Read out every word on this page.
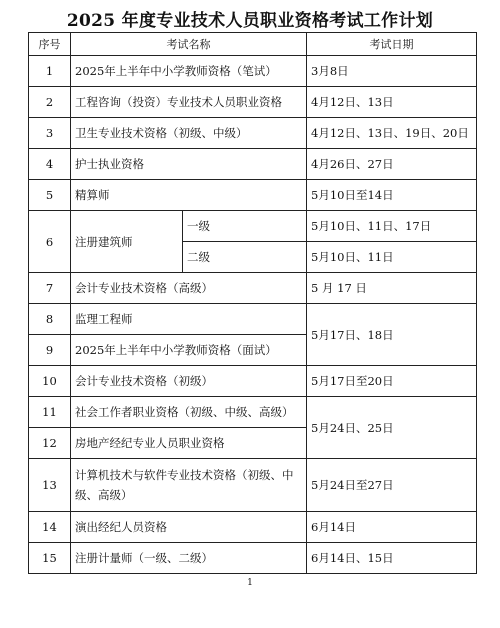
2025 年度专业技术人员职业资格考试工作计划
序号	考试名称		考试日期
1	2025年上半年中小学教师资格（笔试）		3月8日
2	工程咨询（投资）专业技术人员职业资格		4月12日、13日
3	卫生专业技术资格（初级、中级）		4月12日、13日、19日、20日
4	护士执业资格		4月26日、27日
5	精算师		5月10日至14日
6	注册建筑师	一级	5月10日、11日、17日
		二级	5月10日、11日
7	会计专业技术资格（高级）		5 月 17 日
8	监理工程师		5月17日、18日
9	2025年上半年中小学教师资格（面试）		
10	会计专业技术资格（初级）		5月17日至20日
11	社会工作者职业资格（初级、中级、高级）		5月24日、25日
12	房地产经纪专业人员职业资格		
13	计算机技术与软件专业技术资格（初级、中级、高级）		5月24日至27日
14	演出经纪人员资格		6月14日
15	注册计量师（一级、二级）		6月14日、15日
1
